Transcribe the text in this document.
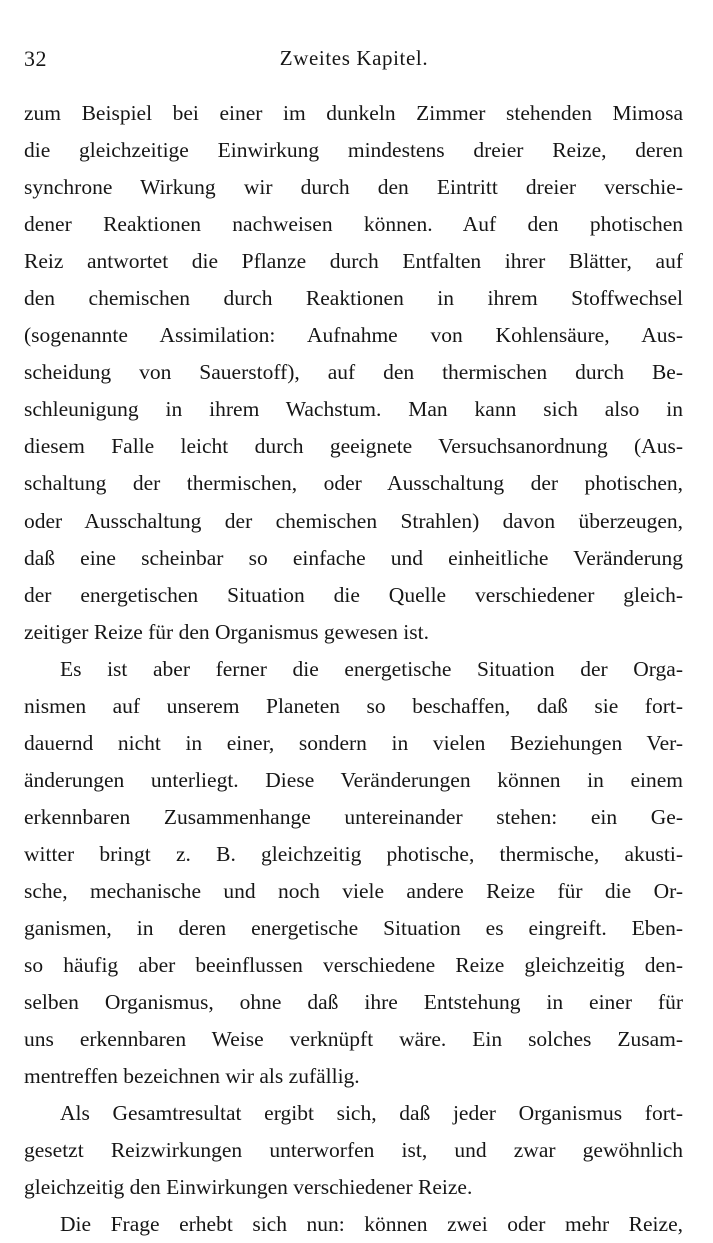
32	Zweites Kapitel.
zum Beispiel bei einer im dunkeln Zimmer stehenden Mimosa
die gleichzeitige Einwirkung mindestens dreier Reize, deren
synchrone Wirkung wir durch den Eintritt dreier verschie-
dener Reaktionen nachweisen können. Auf den photischen
Reiz antwortet die Pflanze durch Entfalten ihrer Blätter, auf
den chemischen durch Reaktionen in ihrem Stoffwechsel
(sogenannte Assimilation: Aufnahme von Kohlensäure, Aus-
scheidung von Sauerstoff), auf den thermischen durch Be-
schleunigung in ihrem Wachstum. Man kann sich also in
diesem Falle leicht durch geeignete Versuchsanordnung (Aus-
schaltung der thermischen, oder Ausschaltung der photischen,
oder Ausschaltung der chemischen Strahlen) davon überzeugen,
daß eine scheinbar so einfache und einheitliche Veränderung
der energetischen Situation die Quelle verschiedener gleich-
zeitiger Reize für den Organismus gewesen ist.
Es ist aber ferner die energetische Situation der Orga-
nismen auf unserem Planeten so beschaffen, daß sie fort-
dauernd nicht in einer, sondern in vielen Beziehungen Ver-
änderungen unterliegt. Diese Veränderungen können in einem
erkennbaren Zusammenhange untereinander stehen: ein Ge-
witter bringt z. B. gleichzeitig photische, thermische, akusti-
sche, mechanische und noch viele andere Reize für die Or-
ganismen, in deren energetische Situation es eingreift. Eben-
so häufig aber beeinflussen verschiedene Reize gleichzeitig den-
selben Organismus, ohne daß ihre Entstehung in einer für
uns erkennbaren Weise verknüpft wäre. Ein solches Zusam-
mentreffen bezeichnen wir als zufällig.
Als Gesamtresultat ergibt sich, daß jeder Organismus fort-
gesetzt Reizwirkungen unterworfen ist, und zwar gewöhnlich
gleichzeitig den Einwirkungen verschiedener Reize.
Die Frage erhebt sich nun: können zwei oder mehr Reize,
